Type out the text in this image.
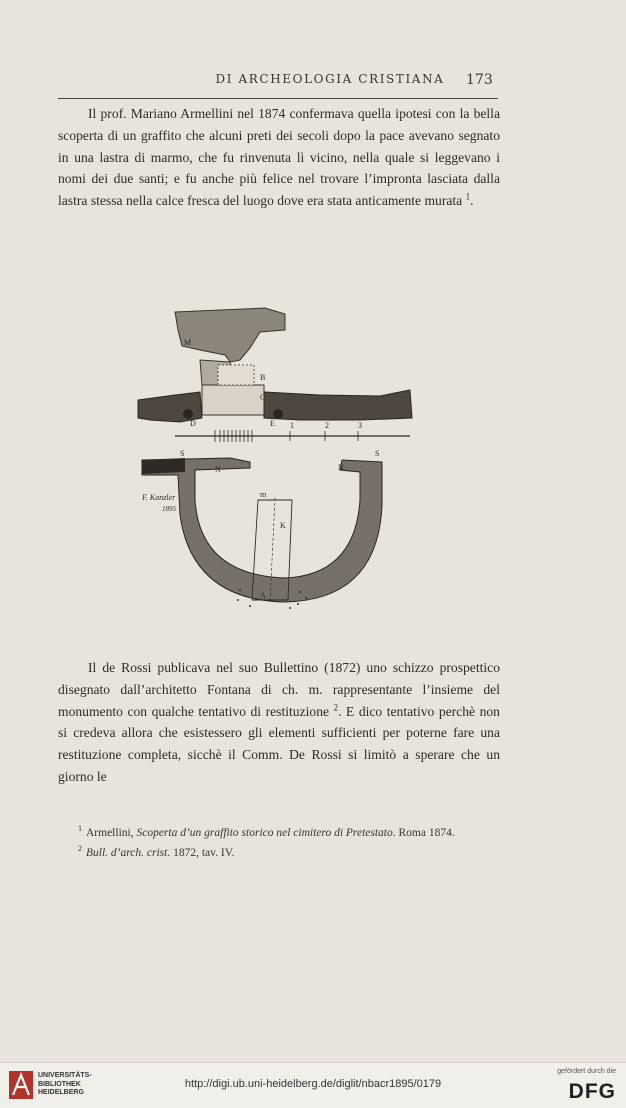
DI ARCHEOLOGIA CRISTIANA	173

Il prof. Mariano Armellini nel 1874 confermava quella ipotesi con la bella scoperta di un graffito che alcuni preti dei secoli dopo la pace avevano segnato in una lastra di marmo, che fu rinvenuta lì vicino, nella quale si leggevano i nomi dei due santi; e fu anche più felice nel trovare l’impronta lasciata dalla lastra stessa nella calce fresca del luogo dove era stata anticamente murata $^1$.

M
B
C
D	E
S	S
N	N
m
K
A
1	2	3
F. Kanzler
1895

Il de Rossi publicava nel suo Bullettino (1872) uno schizzo prospettico disegnato dall’architetto Fontana di ch. m. rappresentante l’insieme del monumento con qualche tentativo di restituzione $^2$. E dico tentativo perchè non si credeva allora che esistessero gli elementi sufficienti per poterne fare una restituzione completa, sicchè il Comm. De Rossi si limitò a sperare che un giorno le

$^1$ Armellini, Scoperta d’un graffito storico nel cimitero di Pretestato. Roma 1874.

$^2$ Bull. d’arch. crist. 1872, tav. IV.

UNIVERSITÄTS-
BIBLIOTHEK
HEIDELBERG
http://digi.ub.uni-heidelberg.de/diglit/nbacr1895/0179
gefördert durch die
DFG
